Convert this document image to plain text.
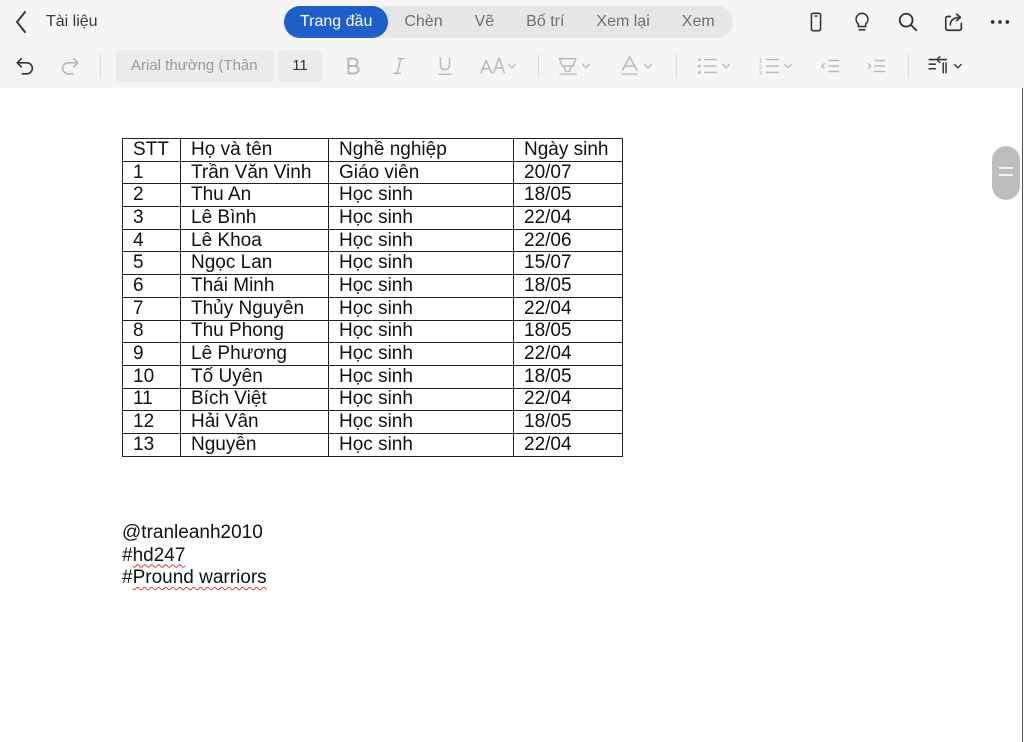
Tài liệu	Trang đầu	Chèn	Vẽ	Bố trí	Xem lại	Xem
Arial thường (Thân	11	1
2
3
STT	Họ và tên	Nghề nghiệp	Ngày sinh
1	Trần Văn Vinh	Giáo viên	20/07
2	Thu An	Học sinh	18/05
3	Lê Bình	Học sinh	22/04
4	Lê Khoa	Học sinh	22/06
5	Ngọc Lan	Học sinh	15/07
6	Thái Minh	Học sinh	18/05
7	Thủy Nguyên	Học sinh	22/04
8	Thu Phong	Học sinh	18/05
9	Lê Phương	Học sinh	22/04
10	Tố Uyên	Học sinh	18/05
11	Bích Việt	Học sinh	22/04
12	Hải Vân	Học sinh	18/05
13	Nguyễn	Học sinh	22/04
@tranleanh2010
#hd247
#Pround warriors
